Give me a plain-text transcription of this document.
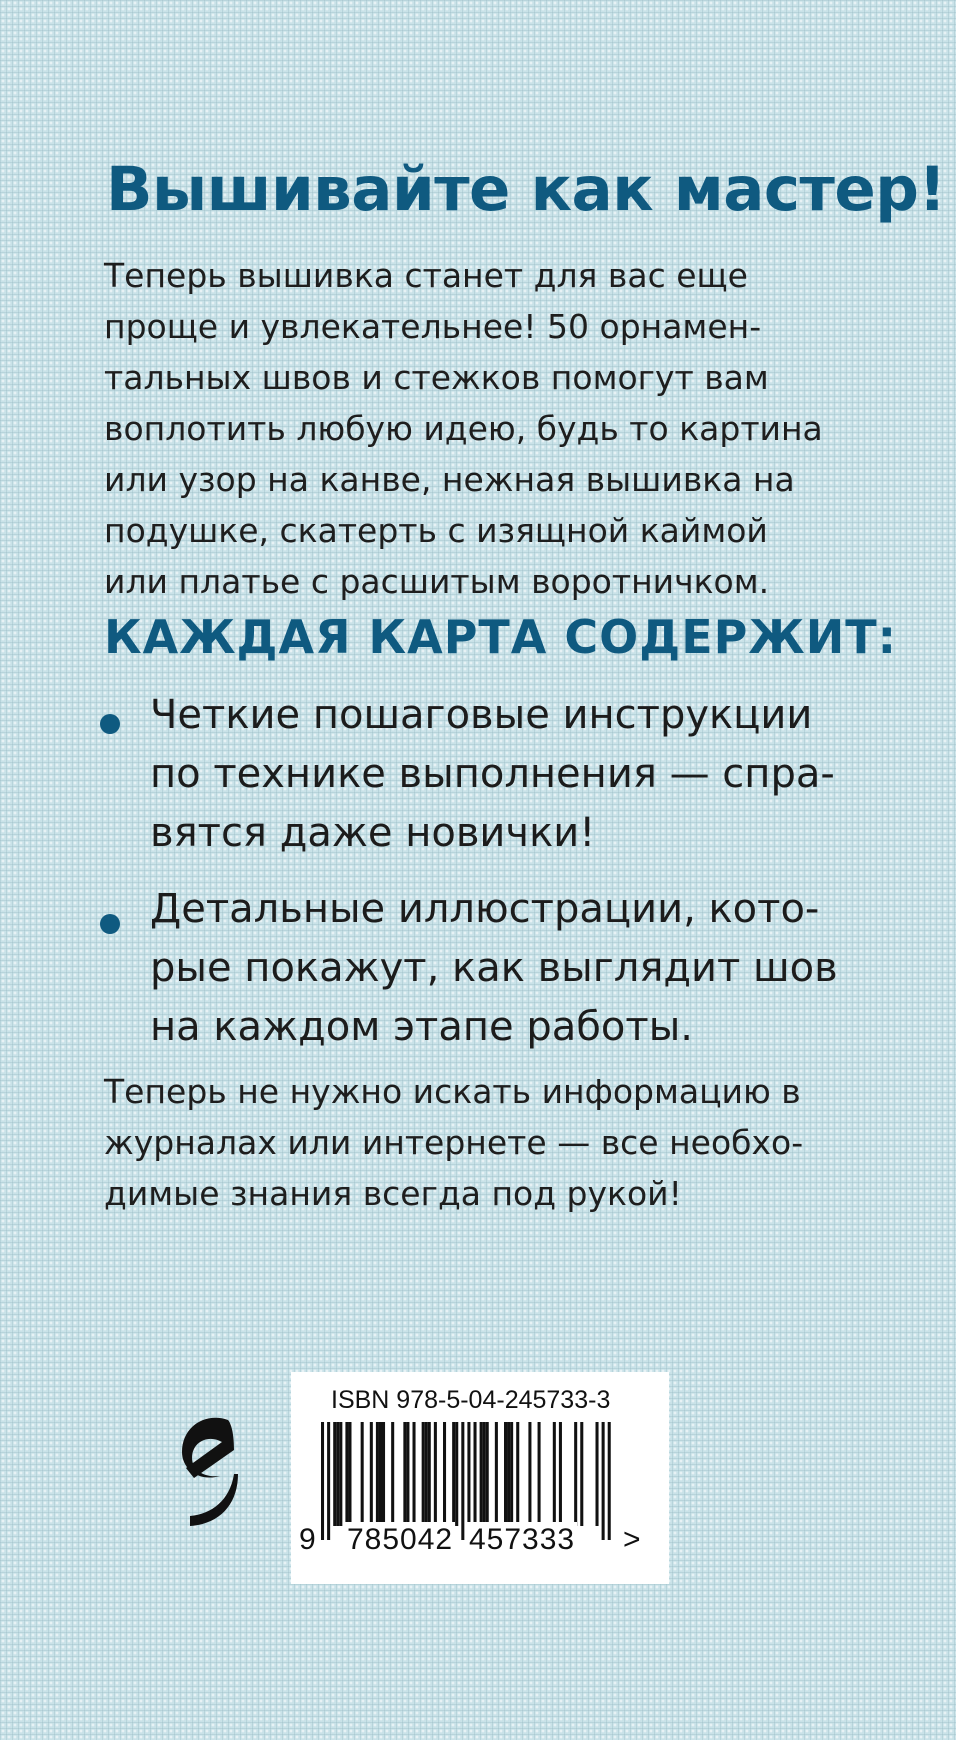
Вышивайте как мастер!
Теперь вышивка станет для вас еще
проще и увлекательнее! 50 орнамен-
тальных швов и стежков помогут вам
воплотить любую идею, будь то картина
или узор на канве, нежная вышивка на
подушке, скатерть с изящной каймой
или платье с расшитым воротничком.
КАЖДАЯ КАРТА СОДЕРЖИТ:
Четкие пошаговые инструкции
по технике выполнения — спра-
вятся даже новички!
Детальные иллюстрации, кото-
рые покажут, как выглядит шов
на каждом этапе работы.
Теперь не нужно искать информацию в
журналах или интернете — все необхо-
димые знания всегда под рукой!
ISBN 978-5-04-245733-3
9 785042 457333 >
